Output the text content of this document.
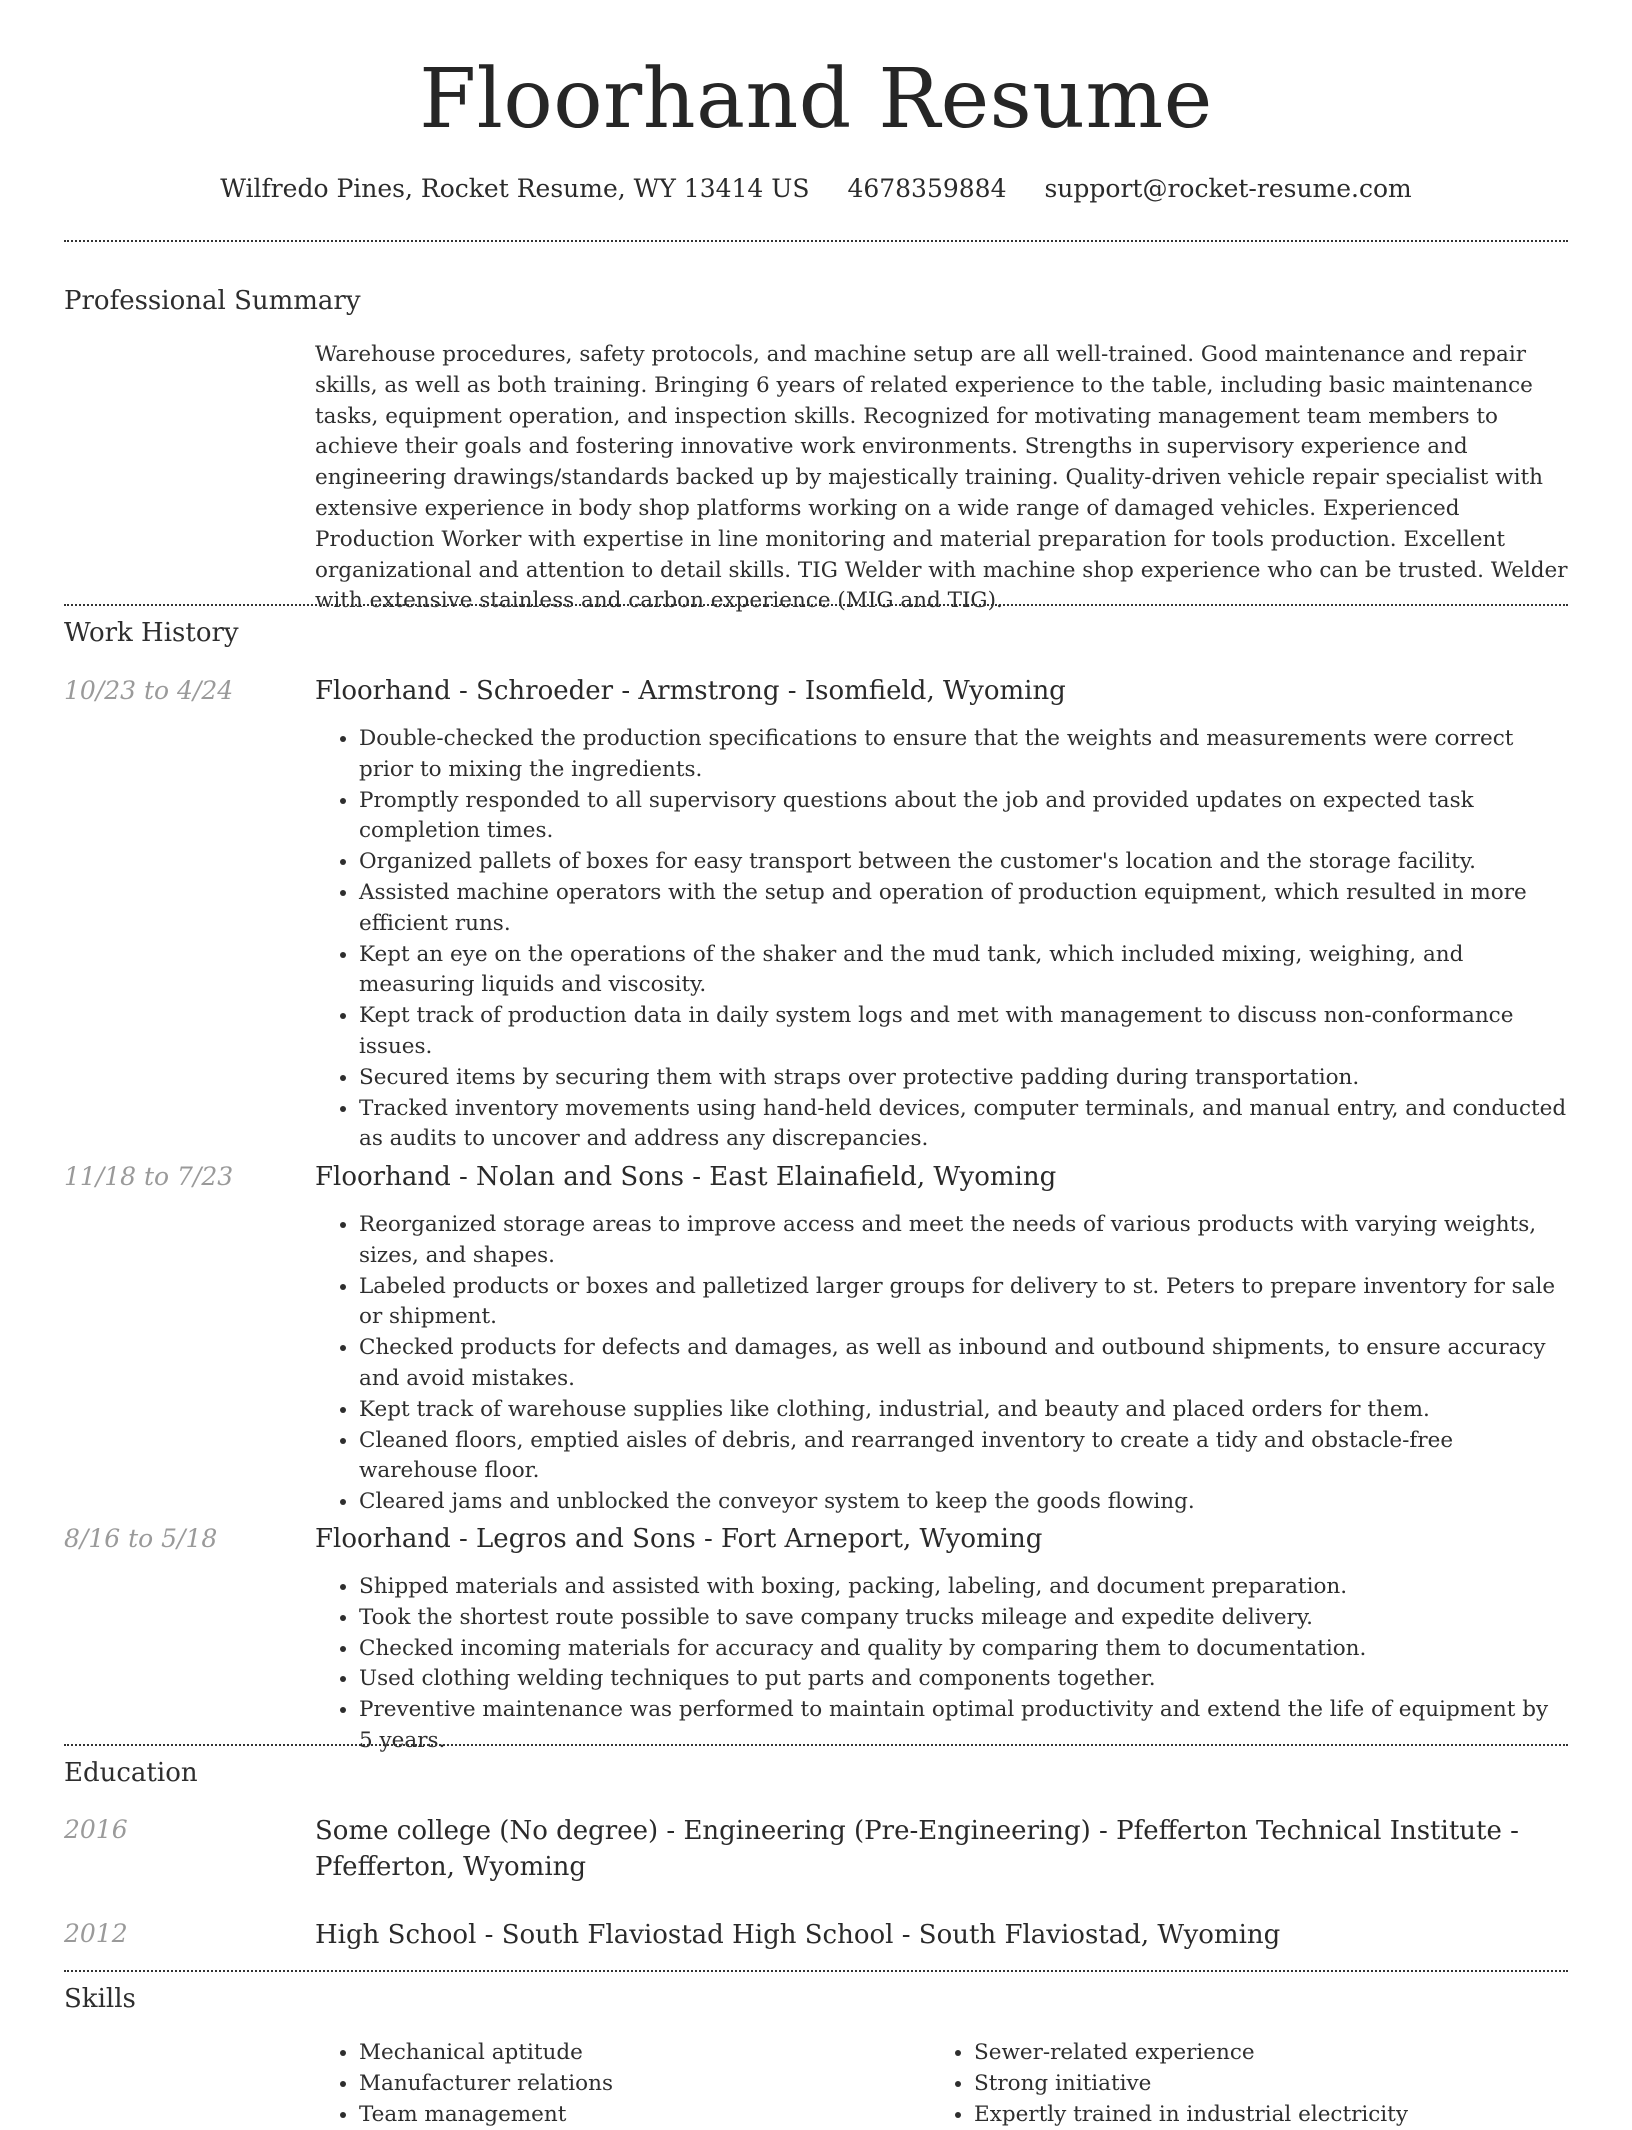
Floorhand Resume
Wilfredo Pines, Rocket Resume, WY 13414 US 4678359884 support@rocket-resume.com
Professional Summary

Warehouse procedures, safety protocols, and machine setup are all well-trained. Good maintenance and repair skills, as well as both training. Bringing 6 years of related experience to the table, including basic maintenance tasks, equipment operation, and inspection skills. Recognized for motivating management team members to achieve their goals and fostering innovative work environments. Strengths in supervisory experience and engineering drawings/standards backed up by majestically training. Quality-driven vehicle repair specialist with extensive experience in body shop platforms working on a wide range of damaged vehicles. Experienced Production Worker with expertise in line monitoring and material preparation for tools production. Excellent organizational and attention to detail skills. TIG Welder with machine shop experience who can be trusted. Welder with extensive stainless and carbon experience (MIG and TIG).

Work History
10/23 to 4/24	Floorhand - Schroeder - Armstrong - Isomfield, Wyoming
• Double-checked the production specifications to ensure that the weights and measurements were correct prior to mixing the ingredients.
• Promptly responded to all supervisory questions about the job and provided updates on expected task completion times.
• Organized pallets of boxes for easy transport between the customer's location and the storage facility.
• Assisted machine operators with the setup and operation of production equipment, which resulted in more efficient runs.
• Kept an eye on the operations of the shaker and the mud tank, which included mixing, weighing, and measuring liquids and viscosity.
• Kept track of production data in daily system logs and met with management to discuss non-conformance issues.
• Secured items by securing them with straps over protective padding during transportation.
• Tracked inventory movements using hand-held devices, computer terminals, and manual entry, and conducted as audits to uncover and address any discrepancies.
11/18 to 7/23	Floorhand - Nolan and Sons - East Elainafield, Wyoming
• Reorganized storage areas to improve access and meet the needs of various products with varying weights, sizes, and shapes.
• Labeled products or boxes and palletized larger groups for delivery to st. Peters to prepare inventory for sale or shipment.
• Checked products for defects and damages, as well as inbound and outbound shipments, to ensure accuracy and avoid mistakes.
• Kept track of warehouse supplies like clothing, industrial, and beauty and placed orders for them.
• Cleaned floors, emptied aisles of debris, and rearranged inventory to create a tidy and obstacle-free warehouse floor.
• Cleared jams and unblocked the conveyor system to keep the goods flowing.
8/16 to 5/18	Floorhand - Legros and Sons - Fort Arneport, Wyoming
• Shipped materials and assisted with boxing, packing, labeling, and document preparation.
• Took the shortest route possible to save company trucks mileage and expedite delivery.
• Checked incoming materials for accuracy and quality by comparing them to documentation.
• Used clothing welding techniques to put parts and components together.
• Preventive maintenance was performed to maintain optimal productivity and extend the life of equipment by 5 years.
Education
2016	Some college (No degree) - Engineering (Pre-Engineering) - Pfefferton Technical Institute - Pfefferton, Wyoming
2012	High School - South Flaviostad High School - South Flaviostad, Wyoming
Skills
• Mechanical aptitude
• Manufacturer relations
• Team management
• Sewer-related experience
• Strong initiative
• Expertly trained in industrial electricity
